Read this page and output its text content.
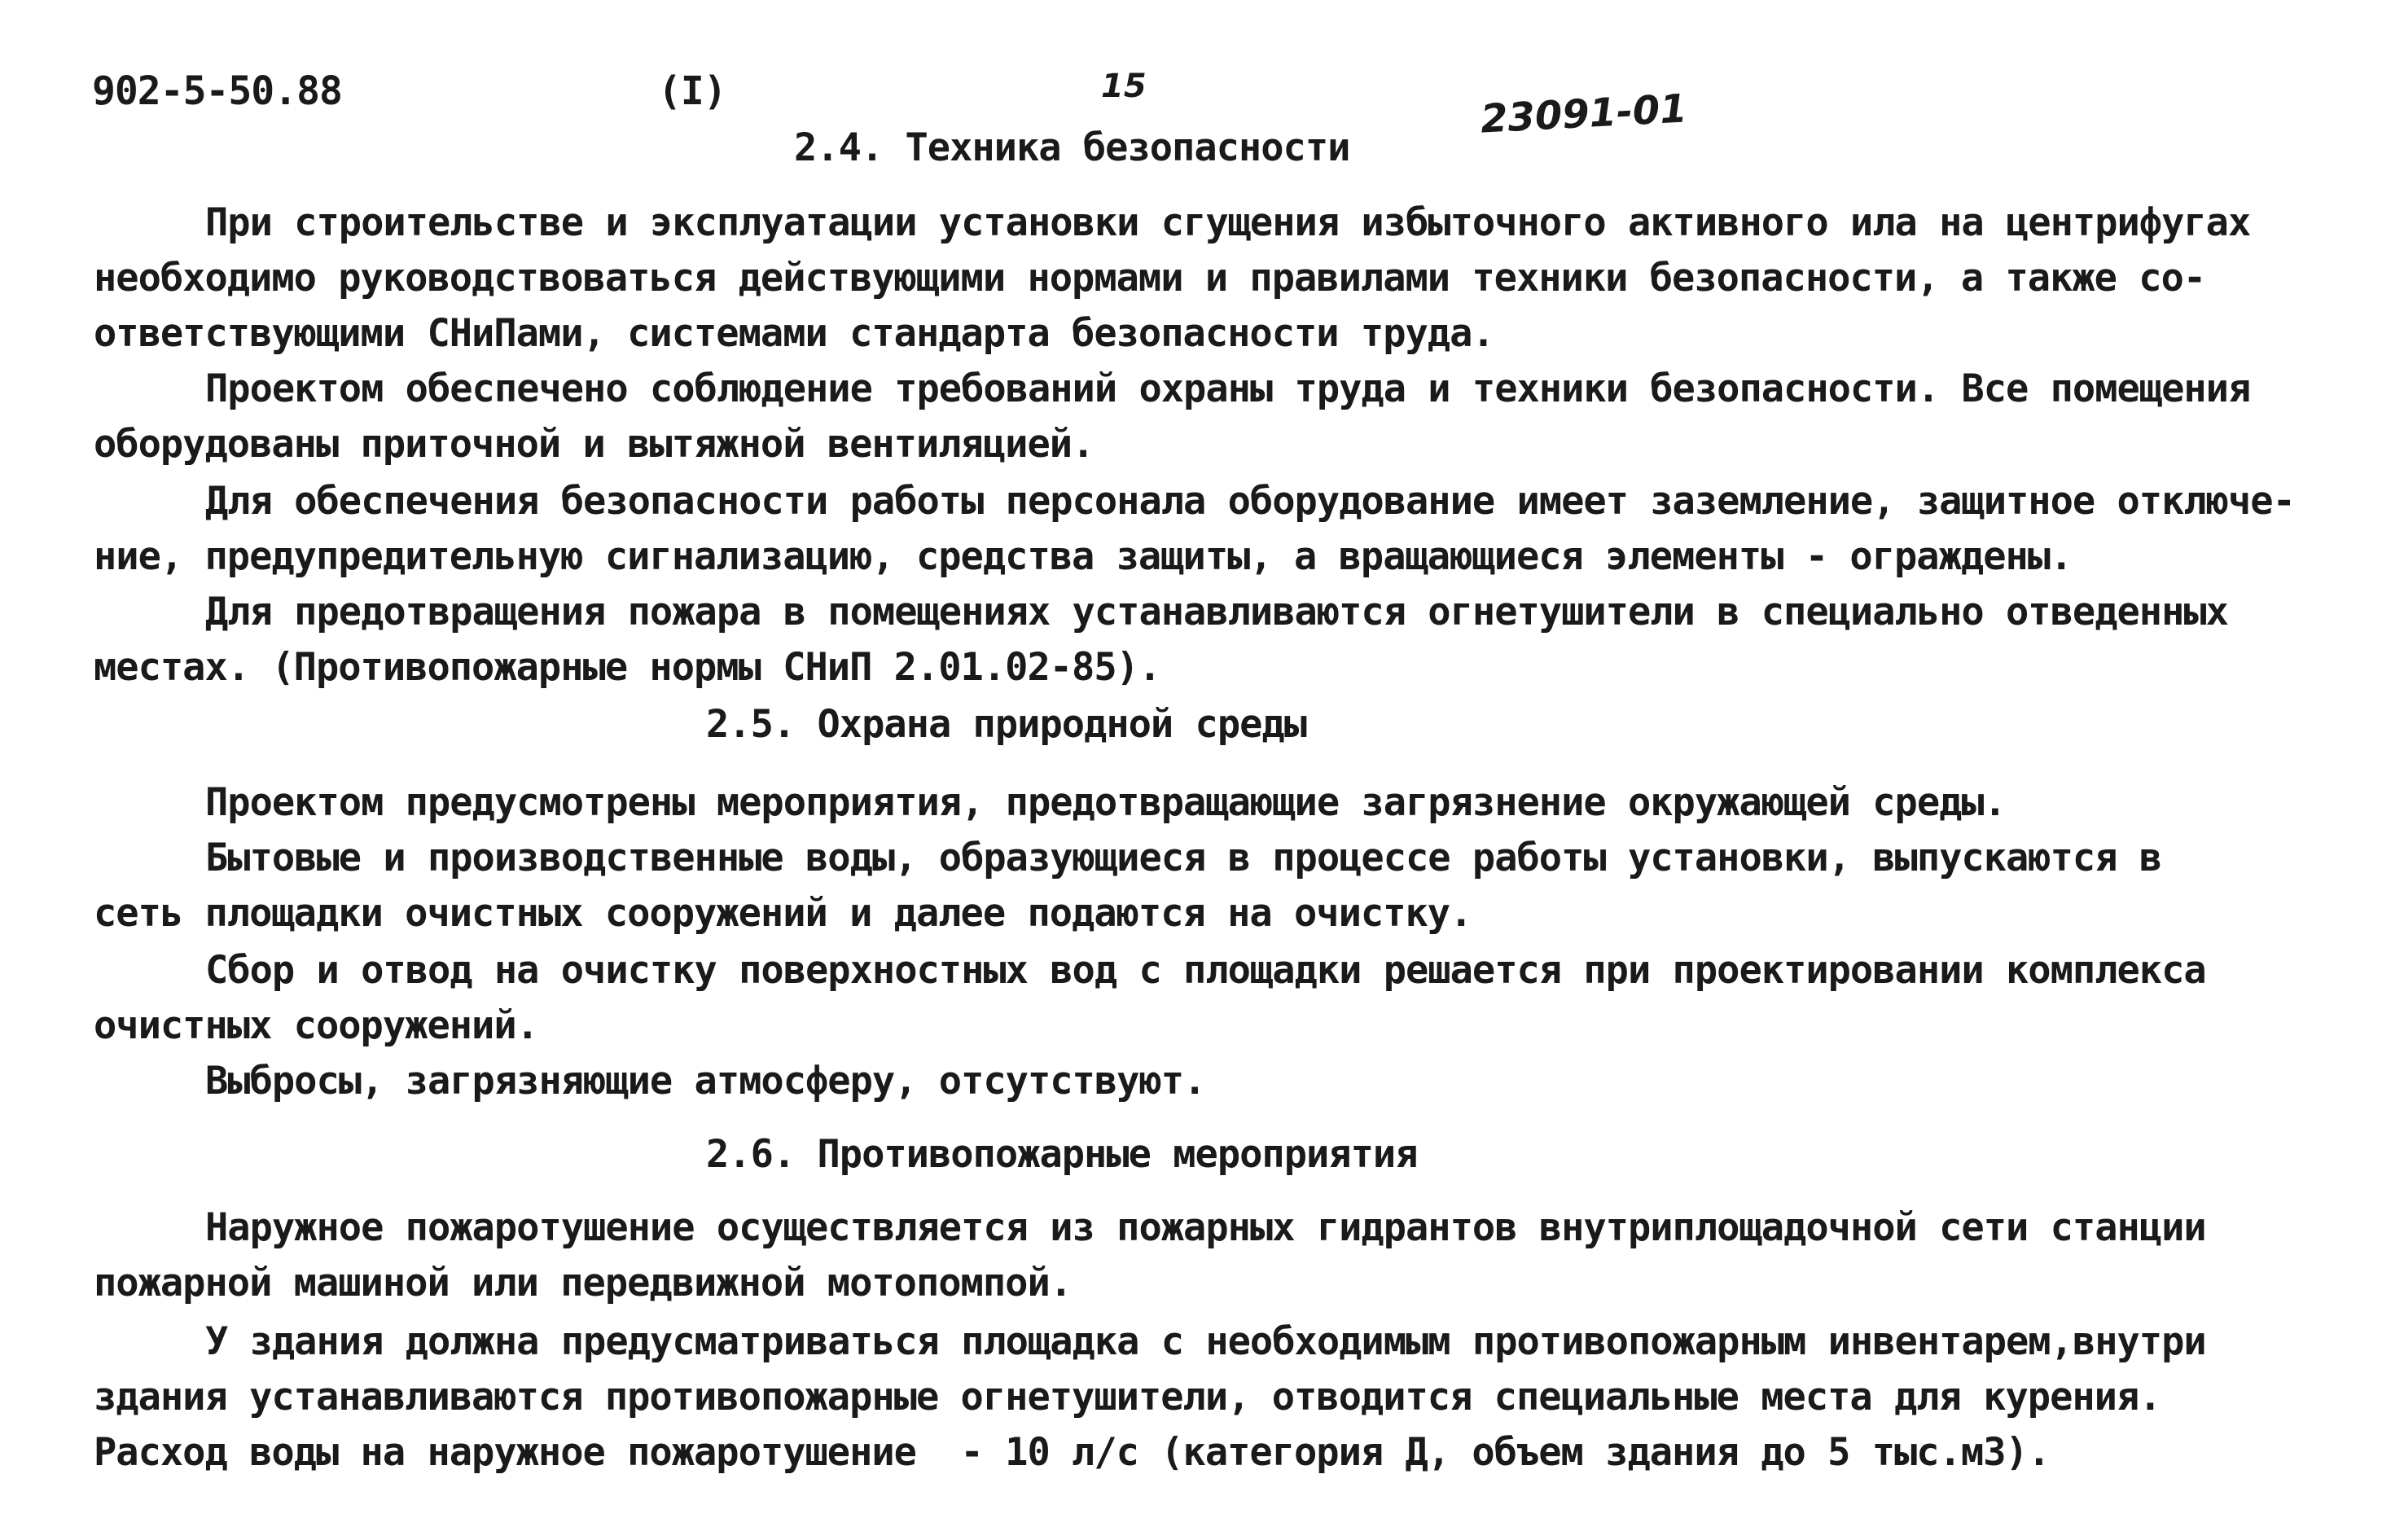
902-5-50.88	(I)	15	23091-01
2.4. Техника безопасности
При строительстве и эксплуатации установки сгущения избыточного активного ила на центрифугах
необходимо руководствоваться действующими нормами и правилами техники безопасности, а также со-
ответствующими СНиПами, системами стандарта безопасности труда.
Проектом обеспечено соблюдение требований охраны труда и техники безопасности. Все помещения
оборудованы приточной и вытяжной вентиляцией.
Для обеспечения безопасности работы персонала оборудование имеет заземление, защитное отключе-
ние, предупредительную сигнализацию, средства защиты, а вращающиеся элементы - ограждены.
Для предотвращения пожара в помещениях устанавливаются огнетушители в специально отведенных
местах. (Противопожарные нормы СНиП 2.01.02-85).
2.5. Охрана природной среды
Проектом предусмотрены мероприятия, предотвращающие загрязнение окружающей среды.
Бытовые и производственные воды, образующиеся в процессе работы установки, выпускаются в
сеть площадки очистных сооружений и далее подаются на очистку.
Сбор и отвод на очистку поверхностных вод с площадки решается при проектировании комплекса
очистных сооружений.
Выбросы, загрязняющие атмосферу, отсутствуют.
2.6. Противопожарные мероприятия
Наружное пожаротушение осуществляется из пожарных гидрантов внутриплощадочной сети станции
пожарной машиной или передвижной мотопомпой.
У здания должна предусматриваться площадка с необходимым противопожарным инвентарем,внутри
здания устанавливаются противопожарные огнетушители, отводится специальные места для курения.
Расход воды на наружное пожаротушение  - 10 л/с (категория Д, объем здания до 5 тыс.м3).
